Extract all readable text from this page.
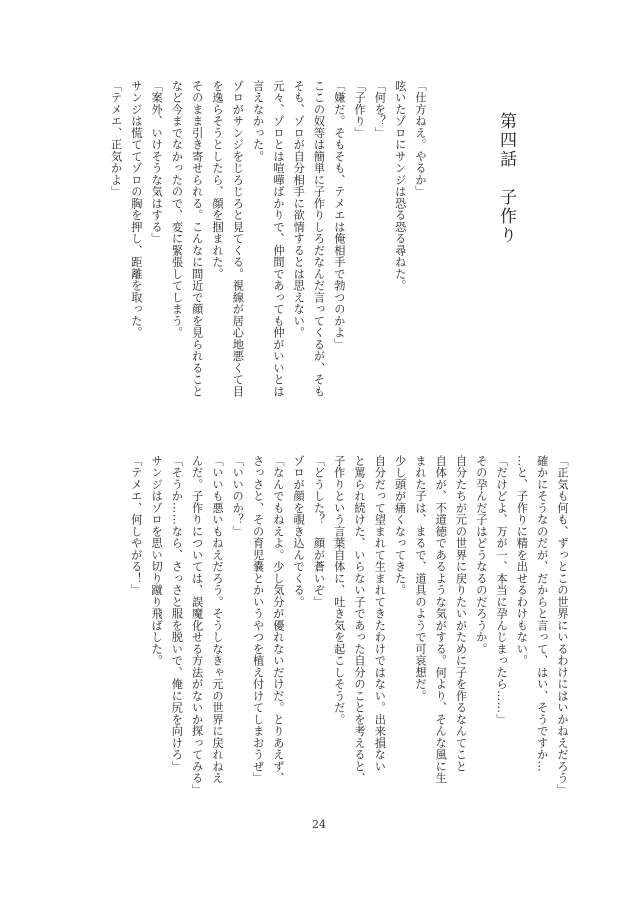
第四話　子作り
「仕方ねえ。やるか」
呟いたゾロにサンジは恐る恐る尋ねた。
「何を？」
「子作り」
「嫌だ。そもそも、テメエは俺相手で勃つのかよ」
ここの奴等は簡単に子作りしろだなんだ言ってくるが、そも
そも、ゾロが自分相手に欲情するとは思えない。
元々、ゾロとは喧嘩ばかりで、仲間であっても仲がいいとは
言えなかった。
ゾロがサンジをじろじろと見てくる。視線が居心地悪くて目
を逸らそうとしたら、顔を掴まれた。
そのまま引き寄せられる。こんなに間近で顔を見られること
など今までなかったので、変に緊張してしまう。
「案外、いけそうな気はする」
サンジは慌ててゾロの胸を押し、距離を取った。
「テメエ、正気かよ」
「正気も何も、ずっとこの世界にいるわけにはいかねえだろう」
確かにそうなのだが、だからと言って、はい、そうですか…
…と、子作りに精を出せるわけもない。
「だけどよ、万が一、本当に孕んじまったら……」
その孕んだ子はどうなるのだろうか。
自分たちが元の世界に戻りたいがために子を作るなんてこと
自体が、不道徳であるような気がする。何より、そんな風に生
まれた子は、まるで、道具のようで可哀想だ。
少し頭が痛くなってきた。
自分だって望まれて生まれてきたわけではない。出来損ない
と罵られ続けた、いらない子であった自分のことを考えると、
子作りという言葉自体に、吐き気を起こしそうだ。
「どうした？　顔が蒼いぞ」
ゾロが顔を覗き込んでくる。
「なんでもねえよ。少し気分が優れないだけだ。とりあえず、
さっさと、その育児嚢とかいうやつを植え付けてしまおうぜ」
「いいのか？」
「いいも悪いもねえだろう。そうしなきゃ元の世界に戻れねえ
んだ。子作りについては、誤魔化せる方法がないか探ってみる」
「そうか……なら、さっさと服を脱いで、俺に尻を向けろ」
サンジはゾロを思い切り蹴り飛ばした。
「テメエ、何しやがる！」
24
